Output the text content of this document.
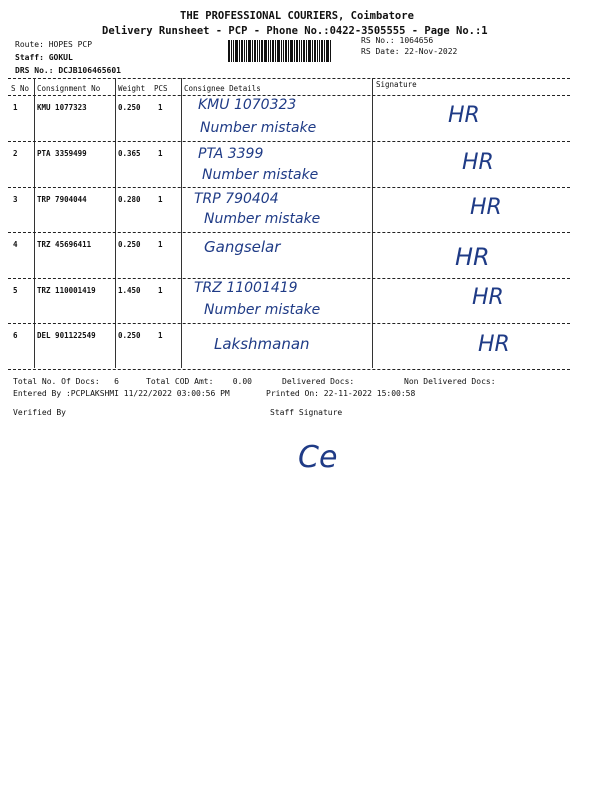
THE PROFESSIONAL COURIERS, Coimbatore
Delivery Runsheet - PCP - Phone No.:0422-3505555 - Page No.:1
Route: HOPES PCP
Staff: GOKUL
DRS No.: DCJB106465601
RS No.: 1064656
RS Date: 22-Nov-2022
S No Consignment No Weight PCS Consignee Details	Signature
1	KMU 1077323	0.250 1	KMU 1070323
Number mistake	HR
2	PTA 3359499	0.365 1	PTA 3399
Number mistake	HR
3	TRP 7904044	0.280 1 TRP 790404
Number mistake	HR
4	TRZ 45696411	0.250 1	Gangselar	HR
5	TRZ 110001419	1.450 1 TRZ 11001419
Number mistake	HR
6	DEL 901122549	0.250 1	Lakshmanan	HR
Total No. Of Docs:   6	Total COD Amt:    0.00	Delivered Docs:	Non Delivered Docs:
Entered By :PCPLAKSHMI 11/22/2022 03:00:56 PM	Printed On: 22-11-2022 15:00:58
Verified By	Staff Signature
Ce
